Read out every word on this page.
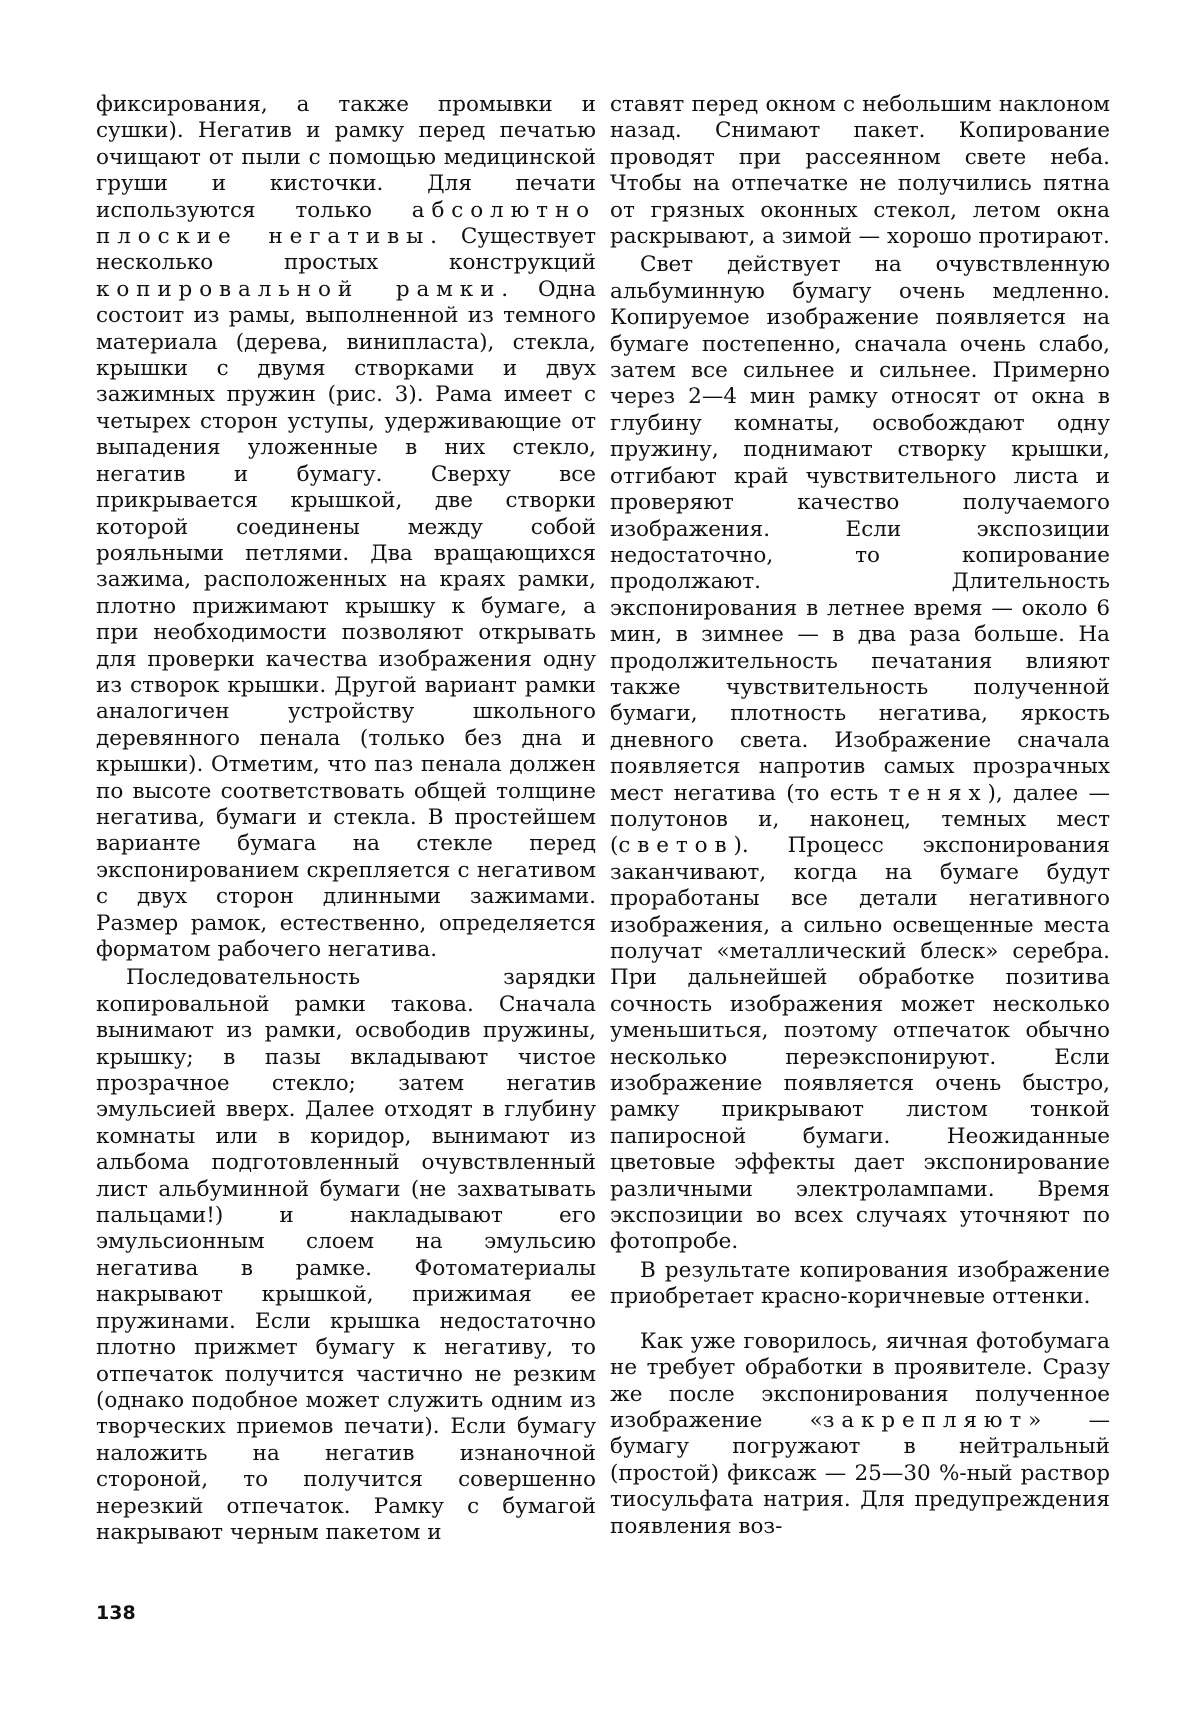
фиксирования, а также промывки и сушки). Негатив и рамку перед печатью очищают от пыли с помощью медицинской груши и кисточки. Для печати используются только абсолютно плоские негативы. Существует несколько простых конструкций копировальной рамки. Одна состоит из рамы, выполненной из темного материала (дерева, винипласта), стекла, крышки с двумя створками и двух зажимных пружин (рис. 3). Рама имеет с четырех сторон уступы, удерживающие от выпадения уложенные в них стекло, негатив и бумагу. Сверху все прикрывается крышкой, две створки которой соединены между собой рояльными петлями. Два вращающихся зажима, расположенных на краях рамки, плотно прижимают крышку к бумаге, а при необходимости позволяют открывать для проверки качества изображения одну из створок крышки. Другой вариант рамки аналогичен устройству школьного деревянного пенала (только без дна и крышки). Отметим, что паз пенала должен по высоте соответствовать общей толщине негатива, бумаги и стекла. В простейшем варианте бумага на стекле перед экспонированием скрепляется с негативом с двух сторон длинными зажимами. Размер рамок, естественно, определяется форматом рабочего негатива.

Последовательность зарядки копировальной рамки такова. Сначала вынимают из рамки, освободив пружины, крышку; в пазы вкладывают чистое прозрачное стекло; затем негатив эмульсией вверх. Далее отходят в глубину комнаты или в коридор, вынимают из альбома подготовленный очувствленный лист альбуминной бумаги (не захватывать пальцами!) и накладывают его эмульсионным слоем на эмульсию негатива в рамке. Фотоматериалы накрывают крышкой, прижимая ее пружинами. Если крышка недостаточно плотно прижмет бумагу к негативу, то отпечаток получится частично не резким (однако подобное может служить одним из творческих приемов печати). Если бумагу наложить на негатив изнаночной стороной, то получится совершенно нерезкий отпечаток. Рамку с бумагой накрывают черным пакетом и

ставят перед окном с небольшим наклоном назад. Снимают пакет. Копирование проводят при рассеянном свете неба. Чтобы на отпечатке не получились пятна от грязных оконных стекол, летом окна раскрывают, а зимой — хорошо протирают.

Свет действует на очувствленную альбуминную бумагу очень медленно. Копируемое изображение появляется на бумаге постепенно, сначала очень слабо, затем все сильнее и сильнее. Примерно через 2—4 мин рамку относят от окна в глубину комнаты, освобождают одну пружину, поднимают створку крышки, отгибают край чувствительного листа и проверяют качество получаемого изображения. Если экспозиции недостаточно, то копирование продолжают. Длительность экспонирования в летнее время — около 6 мин, в зимнее — в два раза больше. На продолжительность печатания влияют также чувствительность полученной бумаги, плотность негатива, яркость дневного света. Изображение сначала появляется напротив самых прозрачных мест негатива (то есть тенях), далее — полутонов и, наконец, темных мест (светов). Процесс экспонирования заканчивают, когда на бумаге будут проработаны все детали негативного изображения, а сильно освещенные места получат «металлический блеск» серебра. При дальнейшей обработке позитива сочность изображения может несколько уменьшиться, поэтому отпечаток обычно несколько переэкспонируют. Если изображение появляется очень быстро, рамку прикрывают листом тонкой папиросной бумаги. Неожиданные цветовые эффекты дает экспонирование различными электролампами. Время экспозиции во всех случаях уточняют по фотопробе.

В результате копирования изображение приобретает красно-коричневые оттенки.

Как уже говорилось, яичная фотобумага не требует обработки в проявителе. Сразу же после экспонирования полученное изображение «закрепляют» — бумагу погружают в нейтральный (простой) фиксаж — 25—30 %-ный раствор тиосульфата натрия. Для предупреждения появления воз-

138
